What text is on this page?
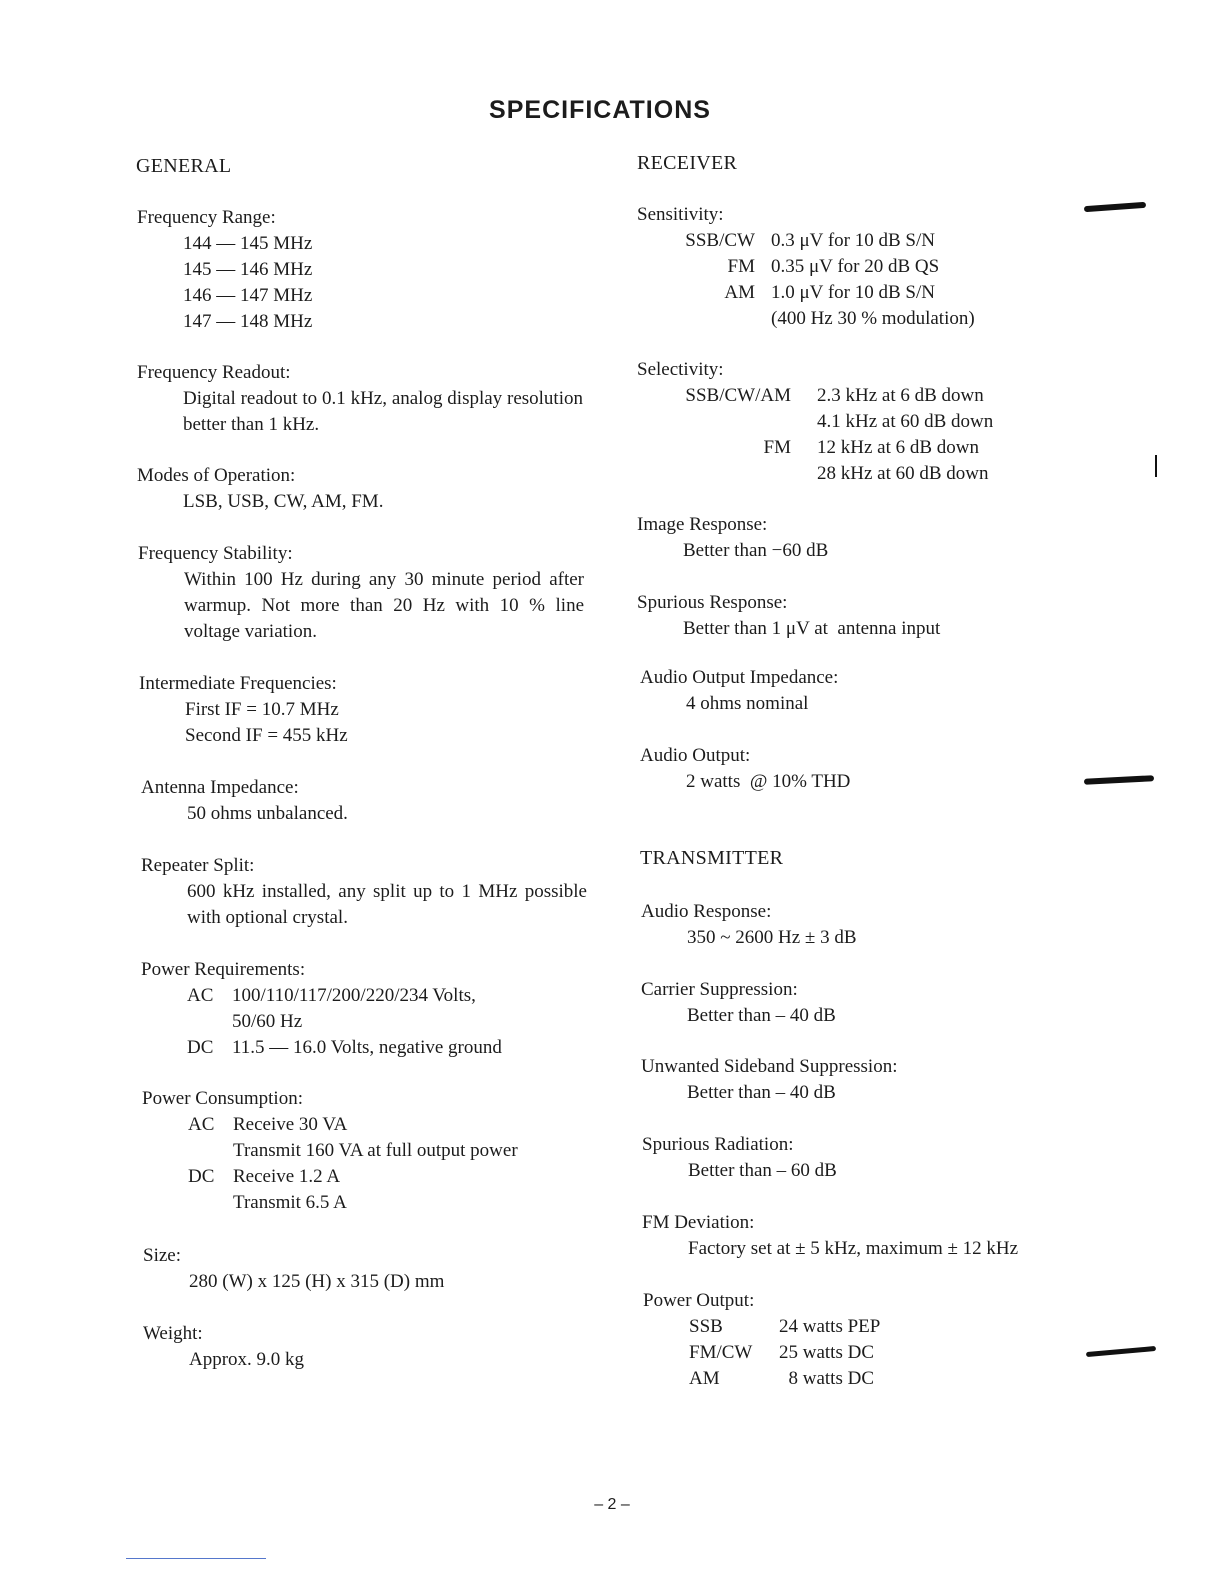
SPECIFICATIONS
GENERAL
Frequency Range:
144 — 145 MHz
145 — 146 MHz
146 — 147 MHz
147 — 148 MHz
Frequency Readout:
Digital readout to 0.1 kHz, analog display resolution better than 1 kHz.
Modes of Operation:
LSB, USB, CW, AM, FM.
Frequency Stability:
Within 100 Hz during any 30 minute period after warmup. Not more than 20 Hz with 10 % line voltage variation.
Intermediate Frequencies:
First IF = 10.7 MHz
Second IF = 455 kHz
Antenna Impedance:
50 ohms unbalanced.
Repeater Split:
600 kHz installed, any split up to 1 MHz possible with optional crystal.
Power Requirements:
AC 100/110/117/200/220/234 Volts,
50/60 Hz
DC 11.5 — 16.0 Volts, negative ground
Power Consumption:
AC Receive 30 VA
Transmit 160 VA at full output power
DC Receive 1.2 A
Transmit 6.5 A
Size:
280 (W) x 125 (H) x 315 (D) mm
Weight:
Approx. 9.0 kg
RECEIVER
Sensitivity:
SSB/CW 0.3 μV for 10 dB S/N
FM 0.35 μV for 20 dB QS
AM 1.0 μV for 10 dB S/N
(400 Hz 30 % modulation)
Selectivity:
SSB/CW/AM	2.3 kHz at 6 dB down
4.1 kHz at 60 dB down
FM	12 kHz at 6 dB down
28 kHz at 60 dB down
Image Response:
Better than −60 dB
Spurious Response:
Better than 1 μV at  antenna input
Audio Output Impedance:
4 ohms nominal
Audio Output:
2 watts  @ 10% THD
TRANSMITTER
Audio Response:
350 ~ 2600 Hz ± 3 dB
Carrier Suppression:
Better than – 40 dB
Unwanted Sideband Suppression:
Better than – 40 dB
Spurious Radiation:
Better than – 60 dB
FM Deviation:
Factory set at ± 5 kHz, maximum ± 12 kHz
Power Output:
SSB	24 watts PEP
FM/CW	25 watts DC
AM	8 watts DC
– 2 –
